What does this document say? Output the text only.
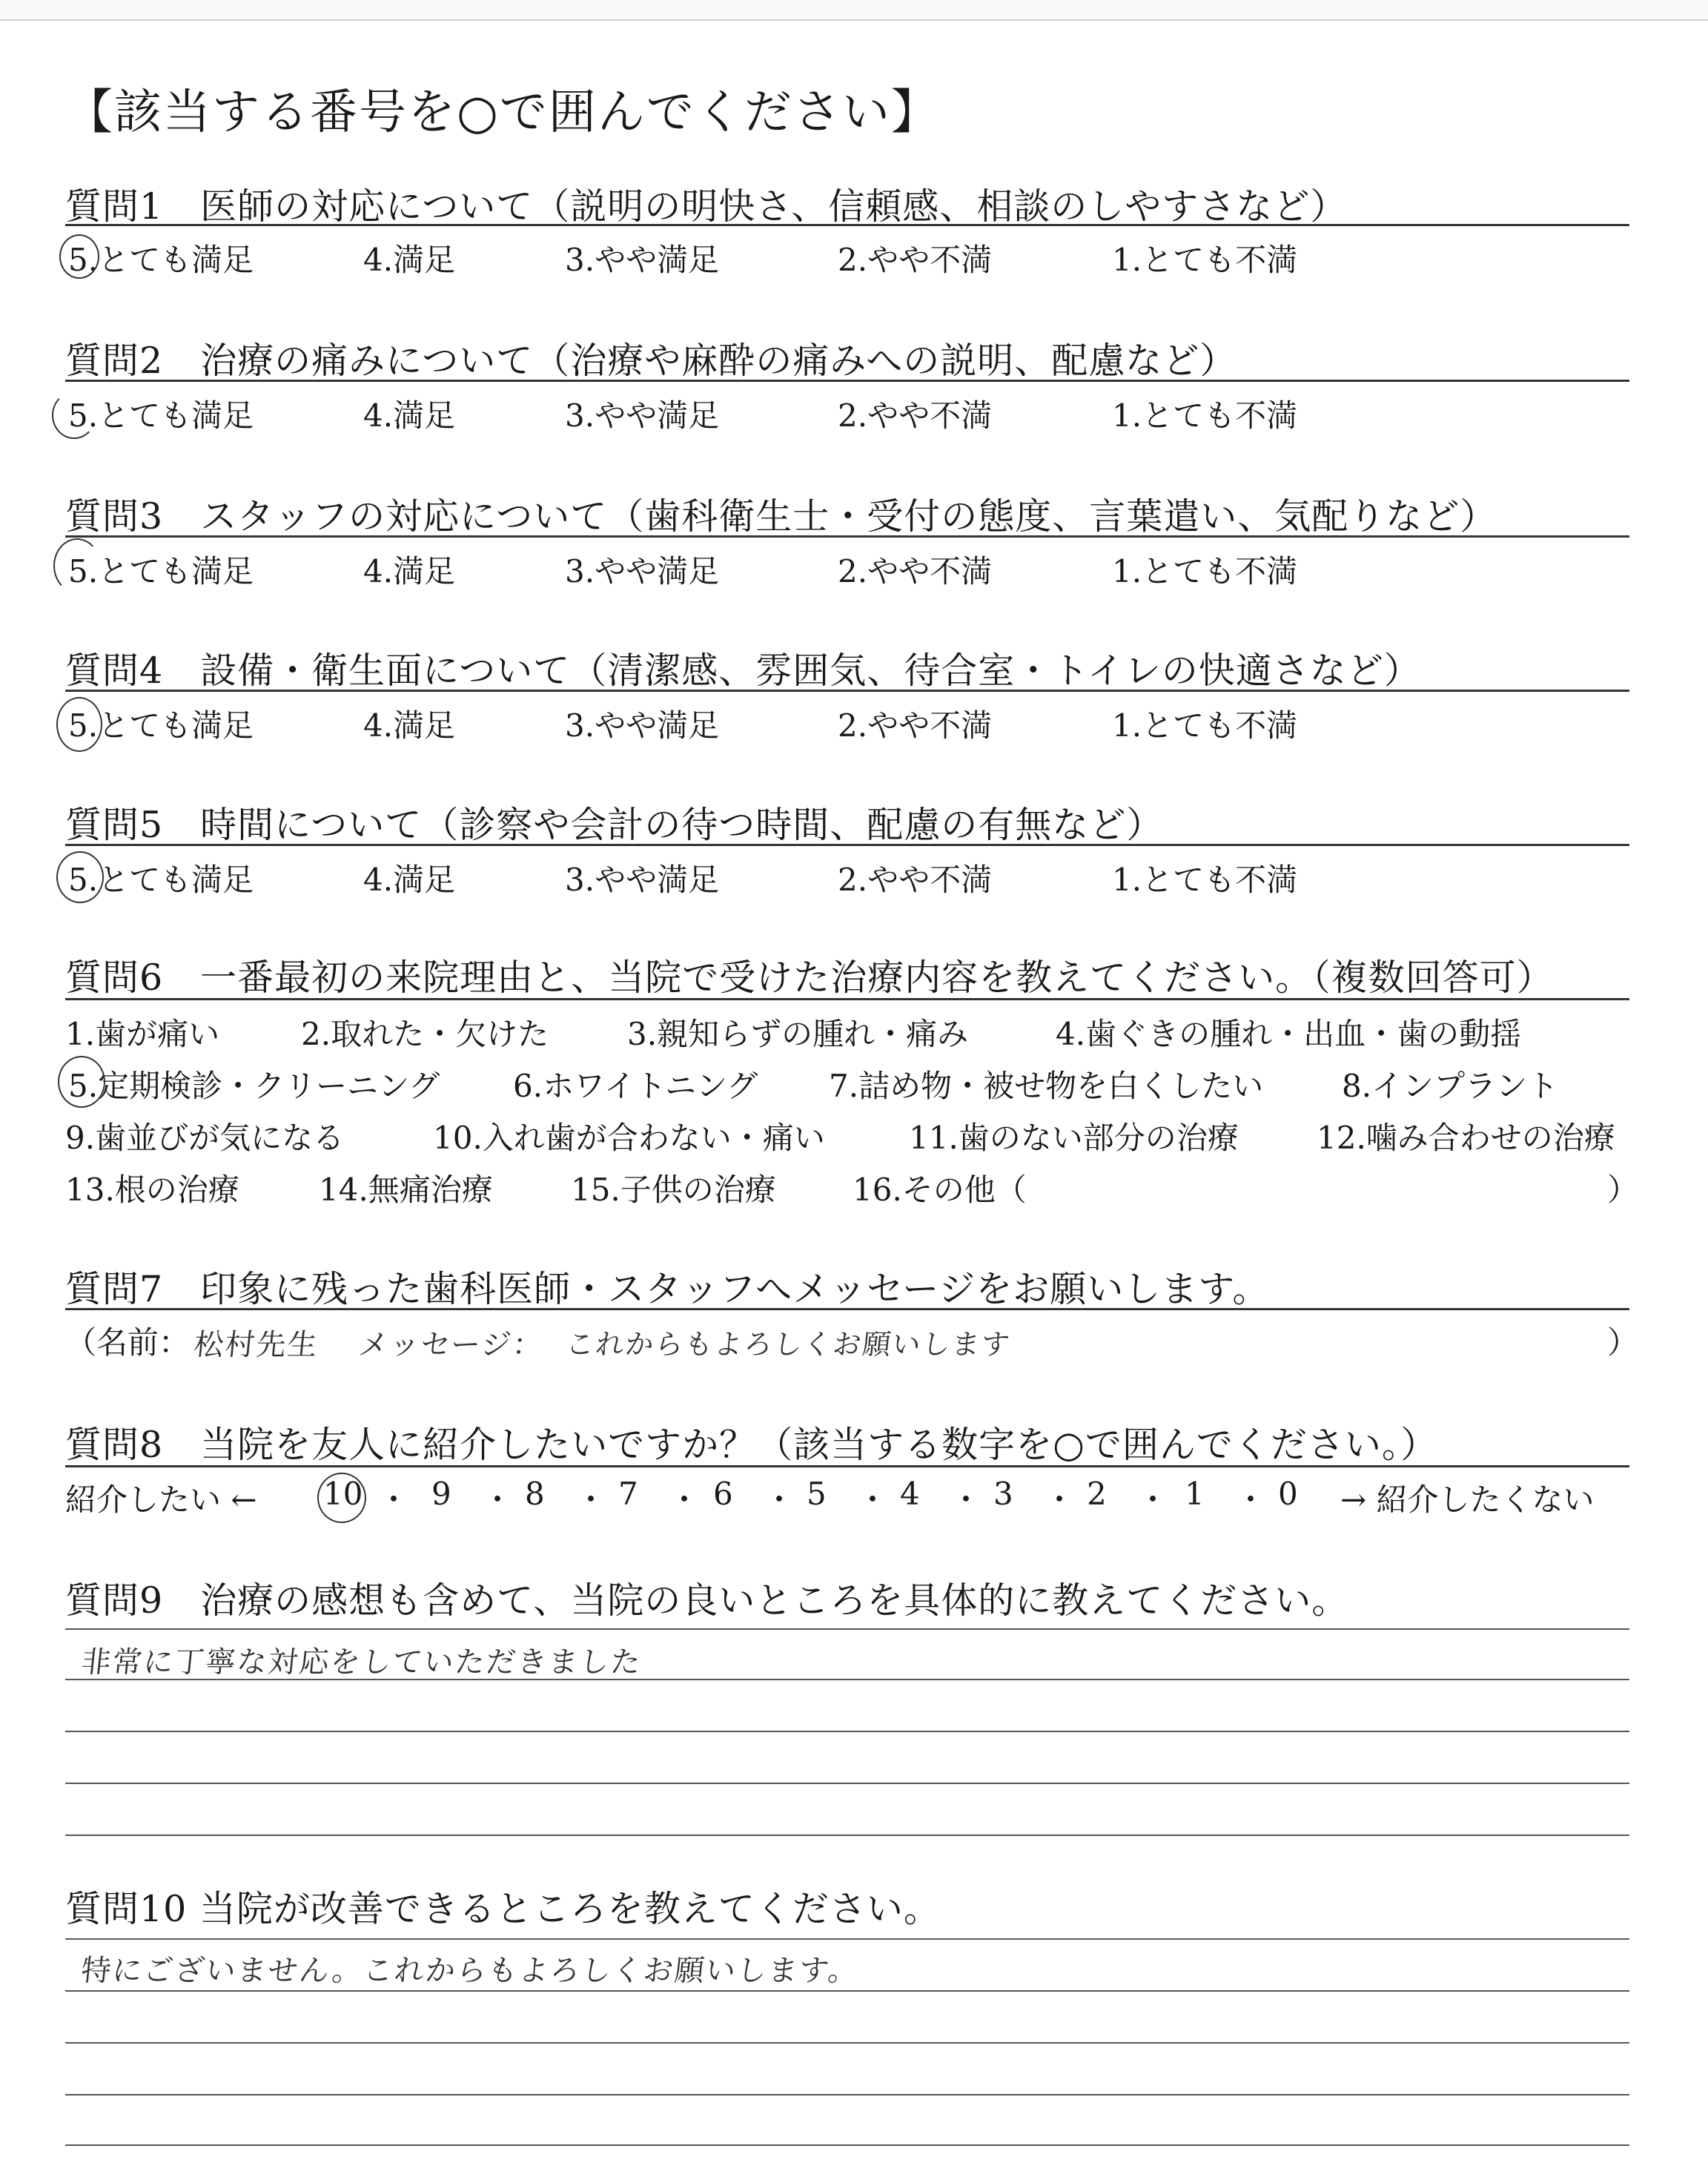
【該当する番号を○で囲んでください】
質問1　医師の対応について（説明の明快さ、信頼感、相談のしやすさなど）
5.とても満足	4.満足	3.やや満足	2.やや不満	1.とても不満
質問2　治療の痛みについて（治療や麻酔の痛みへの説明、配慮など）
5.とても満足	4.満足	3.やや満足	2.やや不満	1.とても不満
質問3　スタッフの対応について（歯科衛生士・受付の態度、言葉遣い、気配りなど）
5.とても満足	4.満足	3.やや満足	2.やや不満	1.とても不満
質問4　設備・衛生面について（清潔感、雰囲気、待合室・トイレの快適さなど）
5.とても満足	4.満足	3.やや満足	2.やや不満	1.とても不満
質問5　時間について（診察や会計の待つ時間、配慮の有無など）
5.とても満足	4.満足	3.やや満足	2.やや不満	1.とても不満
質問6　一番最初の来院理由と、当院で受けた治療内容を教えてください。（複数回答可）
1.歯が痛い	2.取れた・欠けた	3.親知らずの腫れ・痛み	4.歯ぐきの腫れ・出血・歯の動揺
5.定期検診・クリーニング 6.ホワイトニング 7.詰め物・被せ物を白くしたい	8.インプラント
9.歯並びが気になる	10.入れ歯が合わない・痛い	11.歯のない部分の治療	12.噛み合わせの治療
13.根の治療	14.無痛治療	15.子供の治療 16.その他（	）
質問7　印象に残った歯科医師・スタッフへメッセージをお願いします。
（名前： 松村先生 メッセージ： これからもよろしくお願いします	）
質問8　当院を友人に紹介したいですか？（該当する数字を○で囲んでください。）
紹介したい ← 10 ・ 9 ・ 8 ・ 7 ・ 6 ・ 5 ・ 4 ・ 3 ・ 2 ・ 1 ・ 0 → 紹介したくない
質問9　治療の感想も含めて、当院の良いところを具体的に教えてください。
非常に丁寧な対応をしていただきました
質問10 当院が改善できるところを教えてください。
特にございません。これからもよろしくお願いします。
